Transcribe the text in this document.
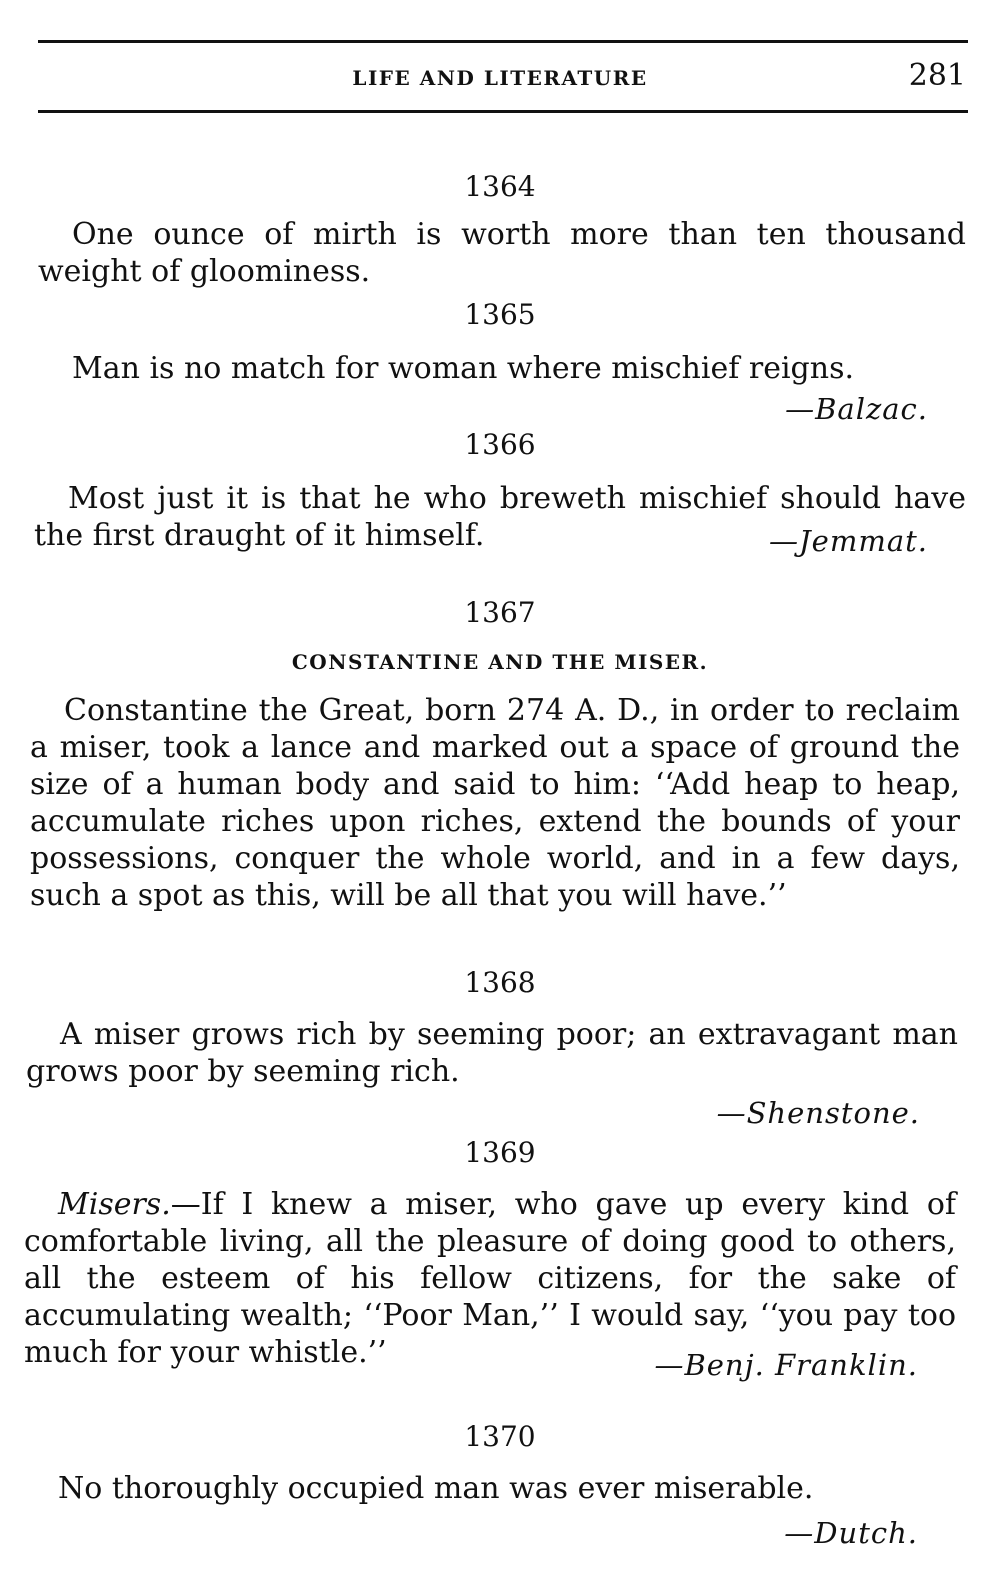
LIFE AND LITERATURE	281
1364
One ounce of mirth is worth more than ten thousand weight of gloominess.
1365
Man is no match for woman where mischief reigns.
—Balzac.
1366
Most just it is that he who breweth mischief should have the first draught of it himself.	—Jemmat.
1367
CONSTANTINE AND THE MISER.
Constantine the Great, born 274 A. D., in order to reclaim a miser, took a lance and marked out a space of ground the size of a human body and said to him: ‘‘Add heap to heap, accumulate riches upon riches, extend the bounds of your possessions, conquer the whole world, and in a few days, such a spot as this, will be all that you will have.’’
1368
A miser grows rich by seeming poor; an extravagant man grows poor by seeming rich.
—Shenstone.
1369
Misers.—If I knew a miser, who gave up every kind of comfortable living, all the pleasure of doing good to others, all the esteem of his fellow citizens, for the sake of accumulating wealth; ‘‘Poor Man,’’ I would say, ‘‘you pay too much for your whistle.’’	—Benj. Franklin.
1370
No thoroughly occupied man was ever miserable.
—Dutch.
